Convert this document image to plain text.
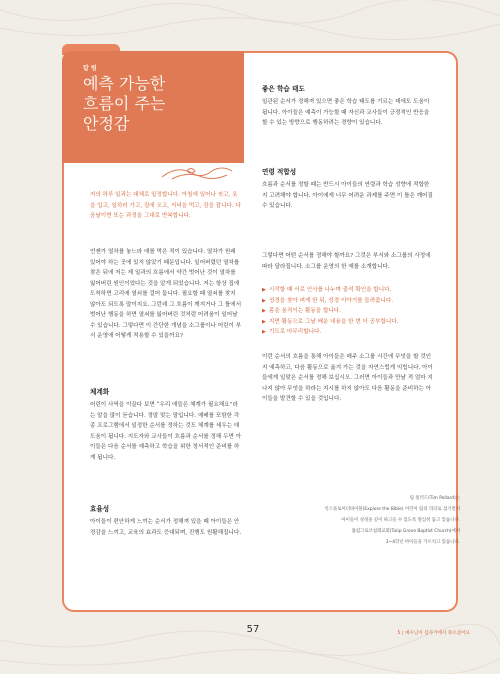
칼 럼
예측 가능한
흐름이 주는
안정감
저의 하루 일과는 대체로 일정합니다. 아침에 일어나 씻고, 옷을 입고, 일하러 가고, 집에 오고, 저녁을 먹고, 잠을 잡니다. 다음날이면 또는 과정을 그대로 반복합니다.

언젠가 열차를 놓느라 애를 먹은 적이 있습니다. 열차가 원래 있어야 하는 곳에 있지 않았기 때문입니다. 일어버렸던 열차를 찾은 뒤에 저는 제 일과의 흐름에서 약간 벗어난 것이 열차를 잃어버린 원인이었다는 것을 알게 되었습니다. 저는 항상 집에 도착하면 고리에 열쇠를 걸어 둡니다. 필요할 때 열쇠를 찾지 않아도 되도록 말이지요. 그런데 그 흐름이 깨지거나 그 틀에서 벗어난 행동을 하면 열쇠를 잃어버린 것처럼 어려움이 일어날 수 있습니다. 그렇다면 이 간단한 개념을 소그룹이나 어린이 부서 운영에 어떻게 적용할 수 있을까요?

체계화

어린이 사역을 이끌다 보면 “우리 애들은 체계가 필요해요”라는 말을 많이 듣습니다. 정말 맞는 말입니다. 예배를 포함한 각종 프로그램에서 일정한 순서를 정하는 것도 체계를 세우는 데 도움이 됩니다. 지도자와 교사들이 흐름과 순서를 정해 두면 아이들은 다음 순서를 예측하고 학습을 위한 정서적인 준비를 하게 됩니다.

효율성

아이들이 편안하게 느끼는 순서가 정해져 있을 때 아이들은 안정감을 느끼고, 교육의 효과도 증대되며, 진행도 원활해집니다.

좋은 학습 태도

일관된 순서가 정해져 있으면 좋은 학습 태도를 기르는 데에도 도움이 됩니다. 아이들은 예측이 가능할 때 자신과 교사들이 긍정적인 반응을 할 수 있는 방향으로 행동하려는 경향이 있습니다.

연령 적합성

흐름과 순서를 정할 때는 반드시 아이들의 연령과 학습 성향에 적합한지 고려해야 합니다. 아이에게 너무 어려운 과제를 주면 이 틀은 깨어질 수 있습니다.

그렇다면 어떤 순서를 정해야 할까요? 그것은 부서와 소그룹의 사정에 따라 달라집니다. 소그룹 운영의 한 예를 소개합니다.

▶ 시작할 때 서로 인사를 나누며 출석 확인을 합니다.
▶ 성경을 찾아 펴게 한 뒤, 성경 이야기를 들려줍니다.
▶ 몸을 움직이는 활동을 합니다.
▶ 지면 활동으로 그날 배운 내용을 한 번 더 공부합니다.
▶ 기도로 마무리합니다.

이런 순서의 흐름을 통해 아이들은 매주 소그룹 시간에 무엇을 할 것인지 예측하고, 다음 활동으로 옮겨 가는 것을 자연스럽게 익힙니다. 아이들에게 일맞은 순서를 정해 보십시오. 그러면 아이들과 만날 적 얼마 지나지 않아 무엇을 하라는 지시를 하지 않아도 다음 활동을 준비하는 아이들을 발견할 수 있을 것입니다.

팀 폴러드(Tim Pollard)는
익스플로어더바이블(Explore the Bible) 어린이 팀의 리더로 섬기면서
아이들이 성경을 깊이 따고들 수 있도록 열심히 돕고 있습니다.
튤립그로브침례교회(Tulip Grove Baptist Church)에서
3~4학년 아이들을 가르치고 있습니다.
57	5 | 예수님이 십자가에서 죽으셨어요
